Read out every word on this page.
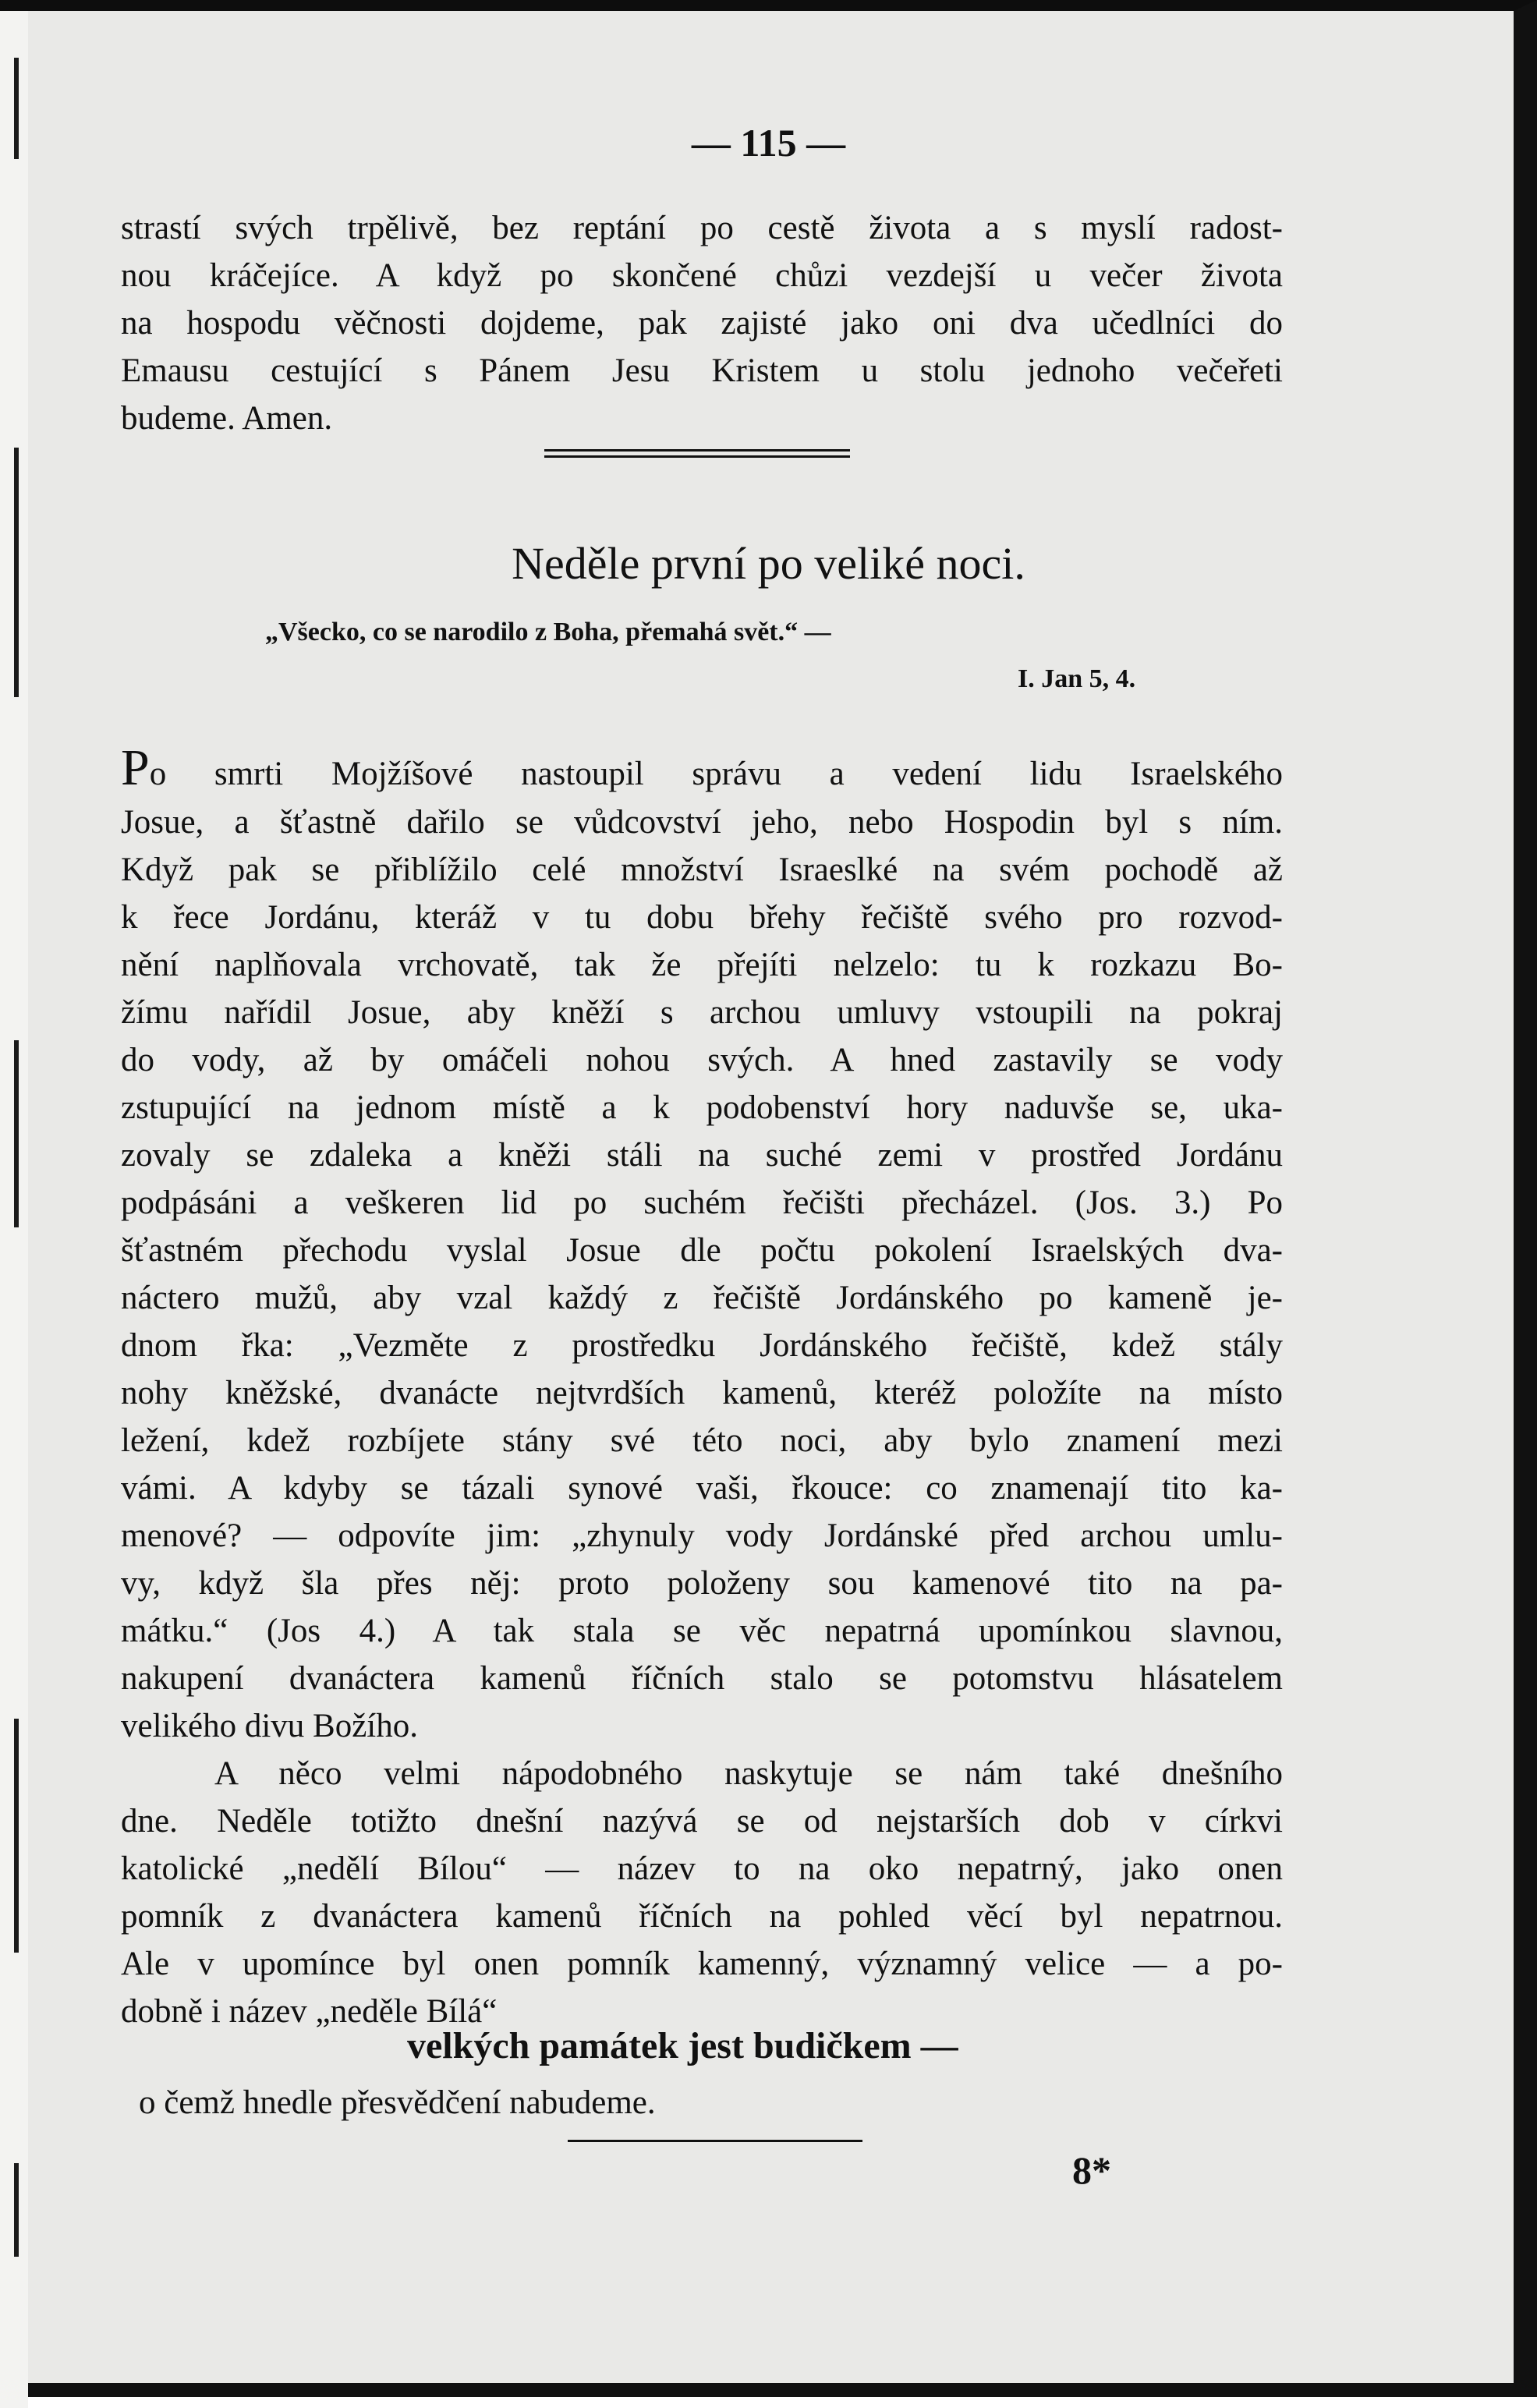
— 115 —
strastí svých trpělivě, bez reptání po cestě života a s myslí radost-
nou kráčejíce. A když po skončené chůzi vezdejší u večer života
na hospodu věčnosti dojdeme, pak zajisté jako oni dva učedlníci do
Emausu cestující s Pánem Jesu Kristem u stolu jednoho večeřeti
budeme. Amen.
Neděle první po veliké noci.
„Všecko, co se narodilo z Boha, přemahá svět.“ —
I. Jan 5, 4.
Po smrti Mojžíšové nastoupil správu a vedení lidu Israelského
Josue, a šťastně dařilo se vůdcovství jeho, nebo Hospodin byl s ním.
Když pak se přiblížilo celé množství Israeslké na svém pochodě až
k řece Jordánu, kteráž v tu dobu břehy řečiště svého pro rozvod-
nění naplňovala vrchovatě, tak že přejíti nelzelo: tu k rozkazu Bo-
žímu nařídil Josue, aby kněží s archou umluvy vstoupili na pokraj
do vody, až by omáčeli nohou svých. A hned zastavily se vody
zstupující na jednom místě a k podobenství hory naduvše se, uka-
zovaly se zdaleka a kněži stáli na suché zemi v prostřed Jordánu
podpásáni a veškeren lid po suchém řečišti přecházel. (Jos. 3.) Po
šťastném přechodu vyslal Josue dle počtu pokolení Israelských dva-
náctero mužů, aby vzal každý z řečiště Jordánského po kameně je-
dnom řka: „Vezměte z prostředku Jordánského řečiště, kdež stály
nohy kněžské, dvanácte nejtvrdších kamenů, kteréž položíte na místo
ležení, kdež rozbíjete stány své této noci, aby bylo znamení mezi
vámi. A kdyby se tázali synové vaši, řkouce: co znamenají tito ka-
menové? — odpovíte jim: „zhynuly vody Jordánské před archou umlu-
vy, když šla přes něj: proto položeny sou kamenové tito na pa-
mátku.“ (Jos 4.) A tak stala se věc nepatrná upomínkou slavnou,
nakupení dvanáctera kamenů říčních stalo se potomstvu hlásatelem
velikého divu Božího.
A něco velmi nápodobného naskytuje se nám také dnešního
dne. Neděle totižto dnešní nazývá se od nejstarších dob v církvi
katolické „nedělí Bílou“ — název to na oko nepatrný, jako onen
pomník z dvanáctera kamenů říčních na pohled věcí byl nepatrnou.
Ale v upomínce byl onen pomník kamenný, významný velice — a po-
dobně i název „neděle Bílá“
velkých památek jest budičkem —
o čemž hnedle přesvědčení nabudeme.
8*
